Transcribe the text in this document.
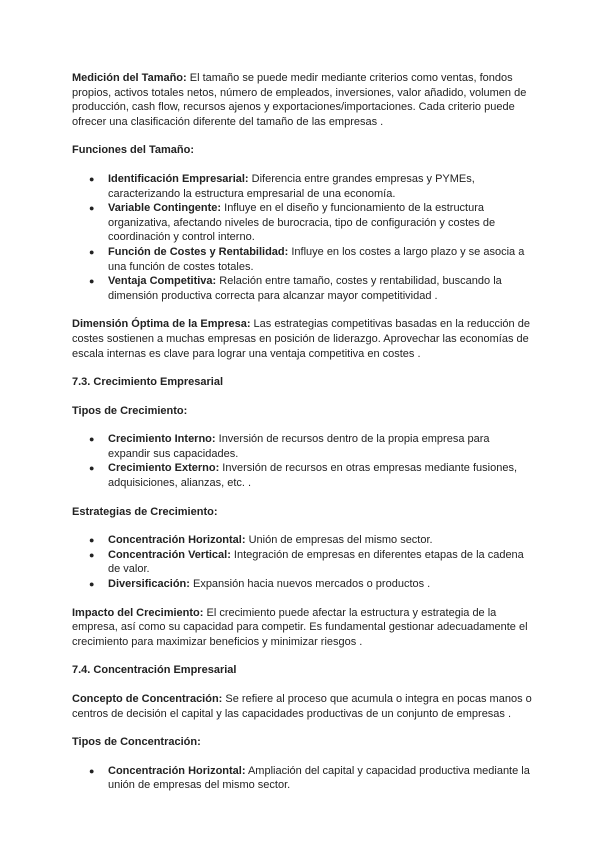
Medición del Tamaño: El tamaño se puede medir mediante criterios como ventas, fondos propios, activos totales netos, número de empleados, inversiones, valor añadido, volumen de producción, cash flow, recursos ajenos y exportaciones/importaciones. Cada criterio puede ofrecer una clasificación diferente del tamaño de las empresas .

Funciones del Tamaño:

● Identificación Empresarial: Diferencia entre grandes empresas y PYMEs, caracterizando la estructura empresarial de una economía.
● Variable Contingente: Influye en el diseño y funcionamiento de la estructura organizativa, afectando niveles de burocracia, tipo de configuración y costes de coordinación y control interno.
● Función de Costes y Rentabilidad: Influye en los costes a largo plazo y se asocia a una función de costes totales.
● Ventaja Competitiva: Relación entre tamaño, costes y rentabilidad, buscando la dimensión productiva correcta para alcanzar mayor competitividad .

Dimensión Óptima de la Empresa: Las estrategias competitivas basadas en la reducción de costes sostienen a muchas empresas en posición de liderazgo. Aprovechar las economías de escala internas es clave para lograr una ventaja competitiva en costes .

7.3. Crecimiento Empresarial

Tipos de Crecimiento:

● Crecimiento Interno: Inversión de recursos dentro de la propia empresa para expandir sus capacidades.
● Crecimiento Externo: Inversión de recursos en otras empresas mediante fusiones, adquisiciones, alianzas, etc. .

Estrategias de Crecimiento:

● Concentración Horizontal: Unión de empresas del mismo sector.
● Concentración Vertical: Integración de empresas en diferentes etapas de la cadena de valor.
● Diversificación: Expansión hacia nuevos mercados o productos .

Impacto del Crecimiento: El crecimiento puede afectar la estructura y estrategia de la empresa, así como su capacidad para competir. Es fundamental gestionar adecuadamente el crecimiento para maximizar beneficios y minimizar riesgos .

7.4. Concentración Empresarial

Concepto de Concentración: Se refiere al proceso que acumula o integra en pocas manos o centros de decisión el capital y las capacidades productivas de un conjunto de empresas .

Tipos de Concentración:

● Concentración Horizontal: Ampliación del capital y capacidad productiva mediante la unión de empresas del mismo sector.
